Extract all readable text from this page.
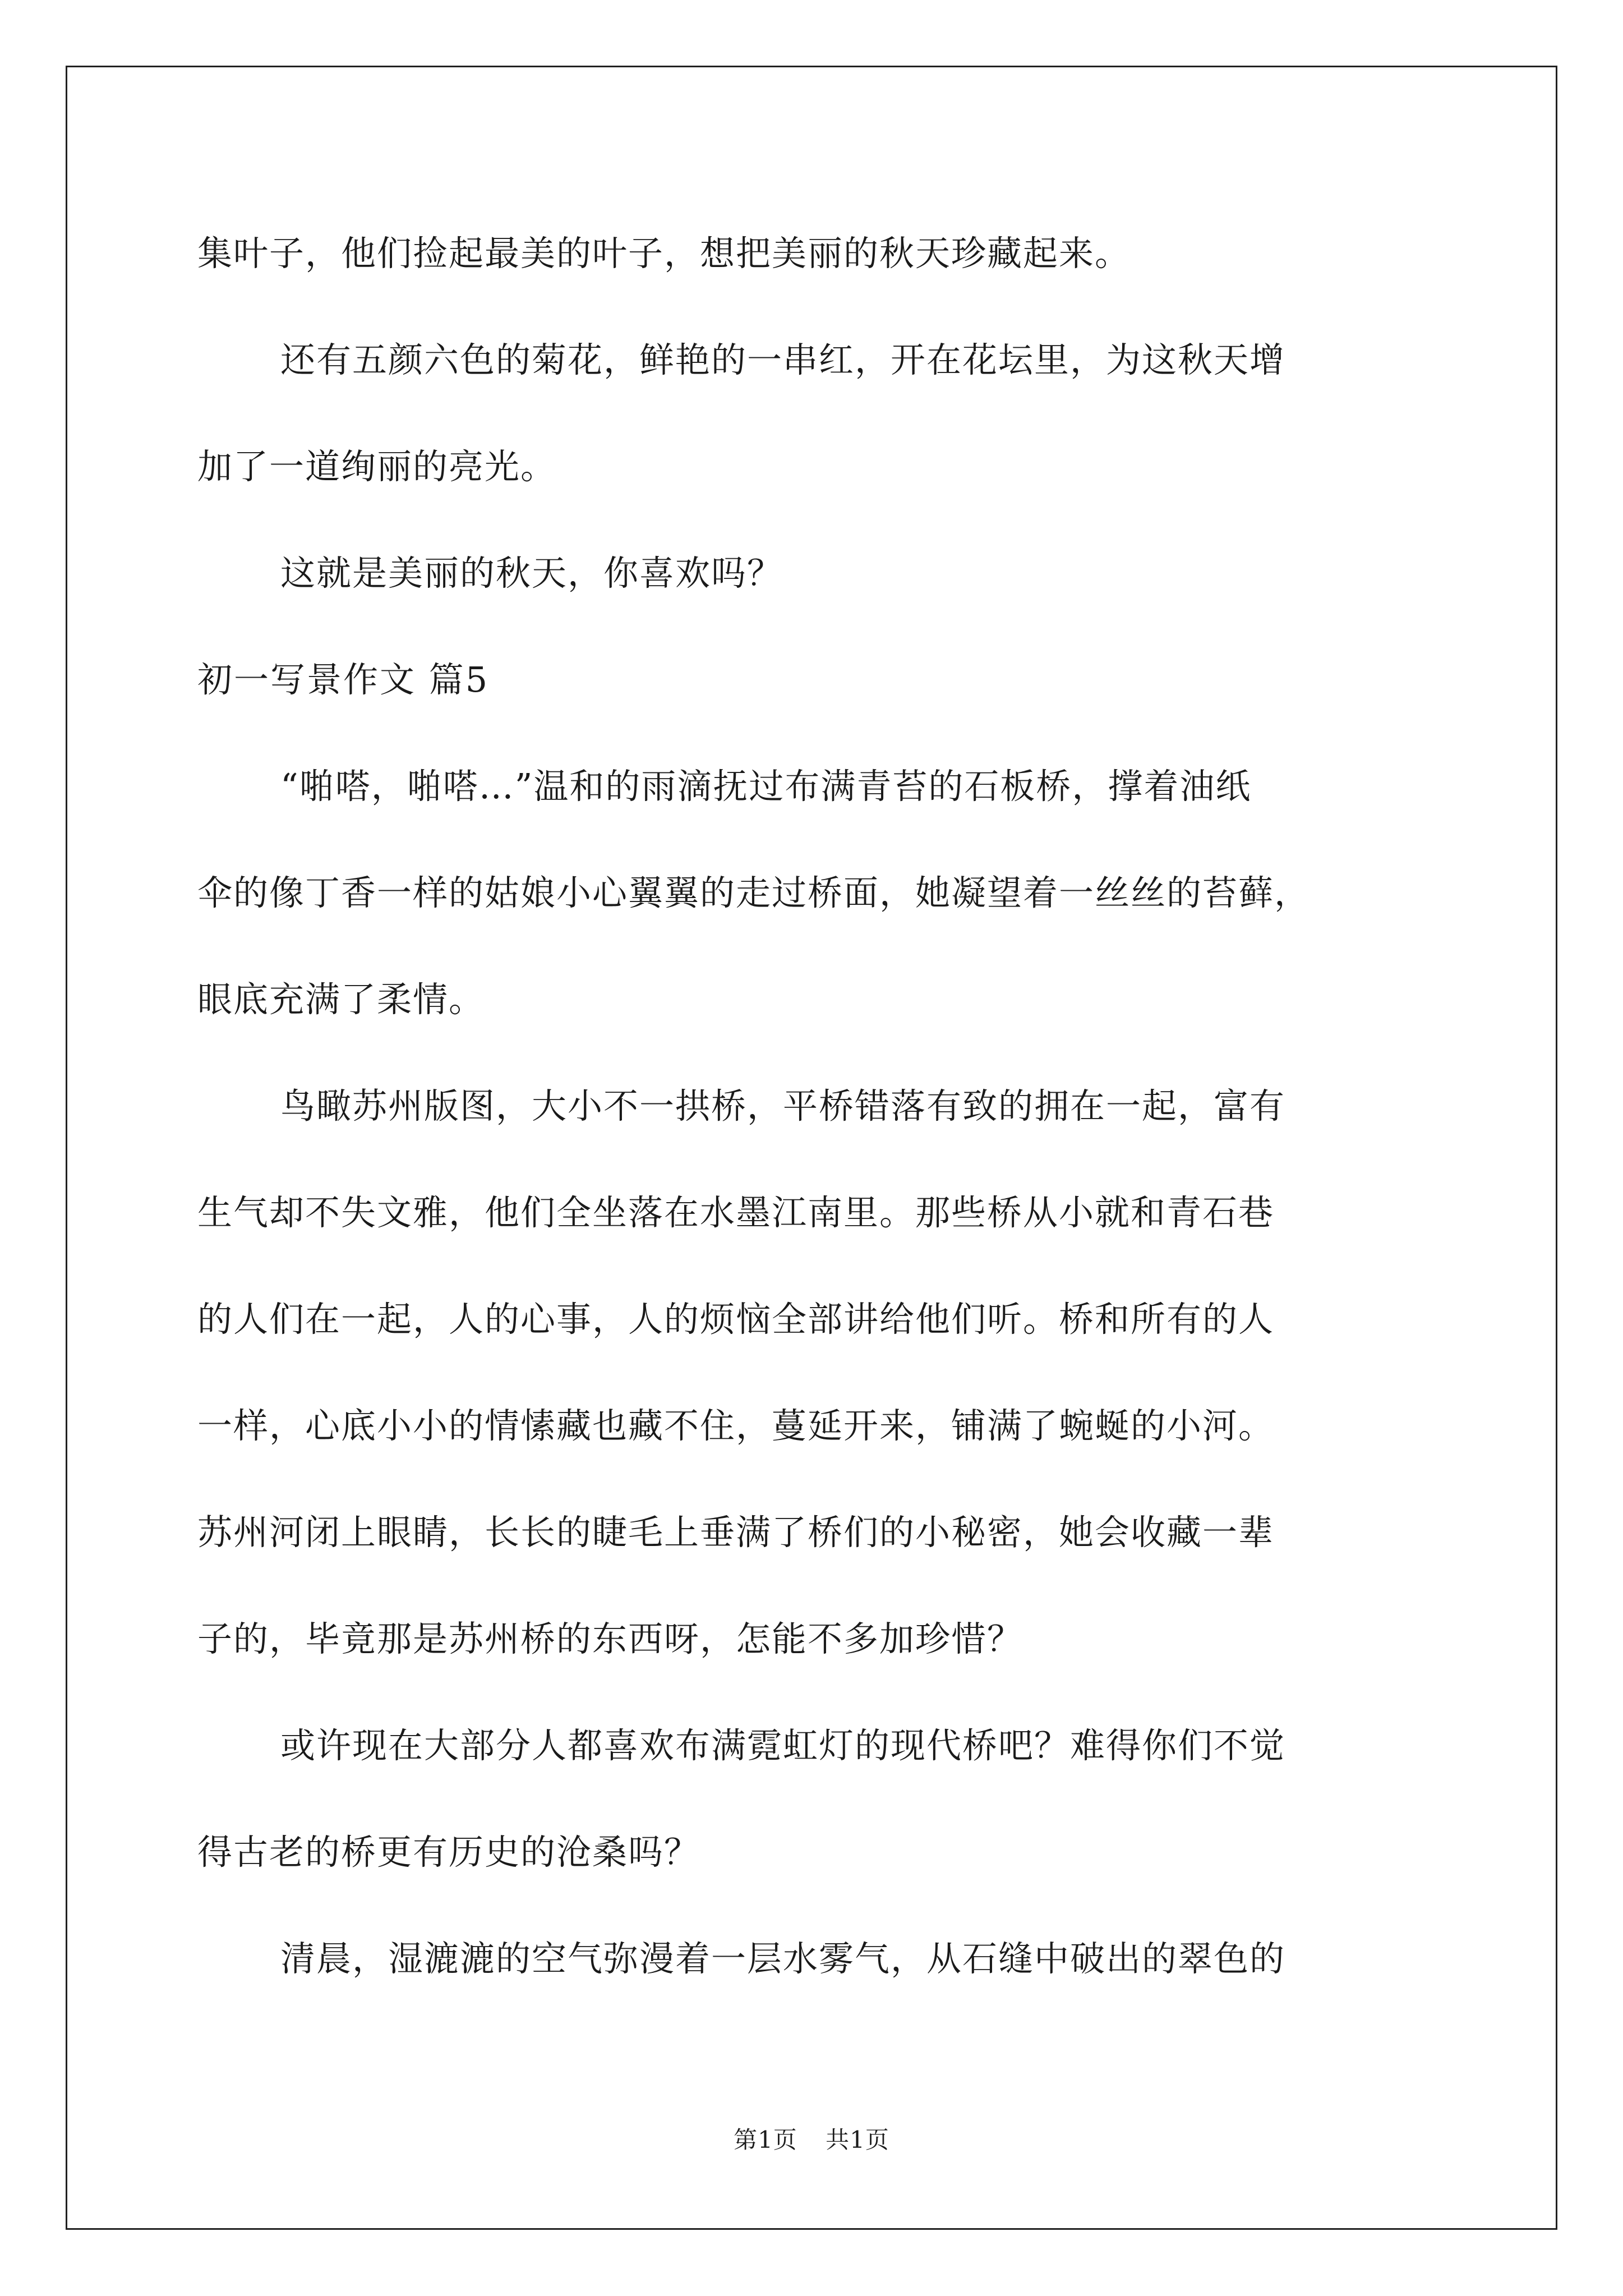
集叶子，他们捡起最美的叶子，想把美丽的秋天珍藏起来。
还有五颜六色的菊花，鲜艳的一串红，开在花坛里，为这秋天增
加了一道绚丽的亮光。
这就是美丽的秋天，你喜欢吗？
初一写景作文 篇5
“啪嗒，啪嗒…”温和的雨滴抚过布满青苔的石板桥，撑着油纸
伞的像丁香一样的姑娘小心翼翼的走过桥面，她凝望着一丝丝的苔藓，
眼底充满了柔情。
鸟瞰苏州版图，大小不一拱桥，平桥错落有致的拥在一起，富有
生气却不失文雅，他们全坐落在水墨江南里。那些桥从小就和青石巷
的人们在一起，人的心事，人的烦恼全部讲给他们听。桥和所有的人
一样，心底小小的情愫藏也藏不住，蔓延开来，铺满了蜿蜒的小河。
苏州河闭上眼睛，长长的睫毛上垂满了桥们的小秘密，她会收藏一辈
子的，毕竟那是苏州桥的东西呀，怎能不多加珍惜？
或许现在大部分人都喜欢布满霓虹灯的现代桥吧？难得你们不觉
得古老的桥更有历史的沧桑吗？
清晨，湿漉漉的空气弥漫着一层水雾气，从石缝中破出的翠色的
第1页 共1页
